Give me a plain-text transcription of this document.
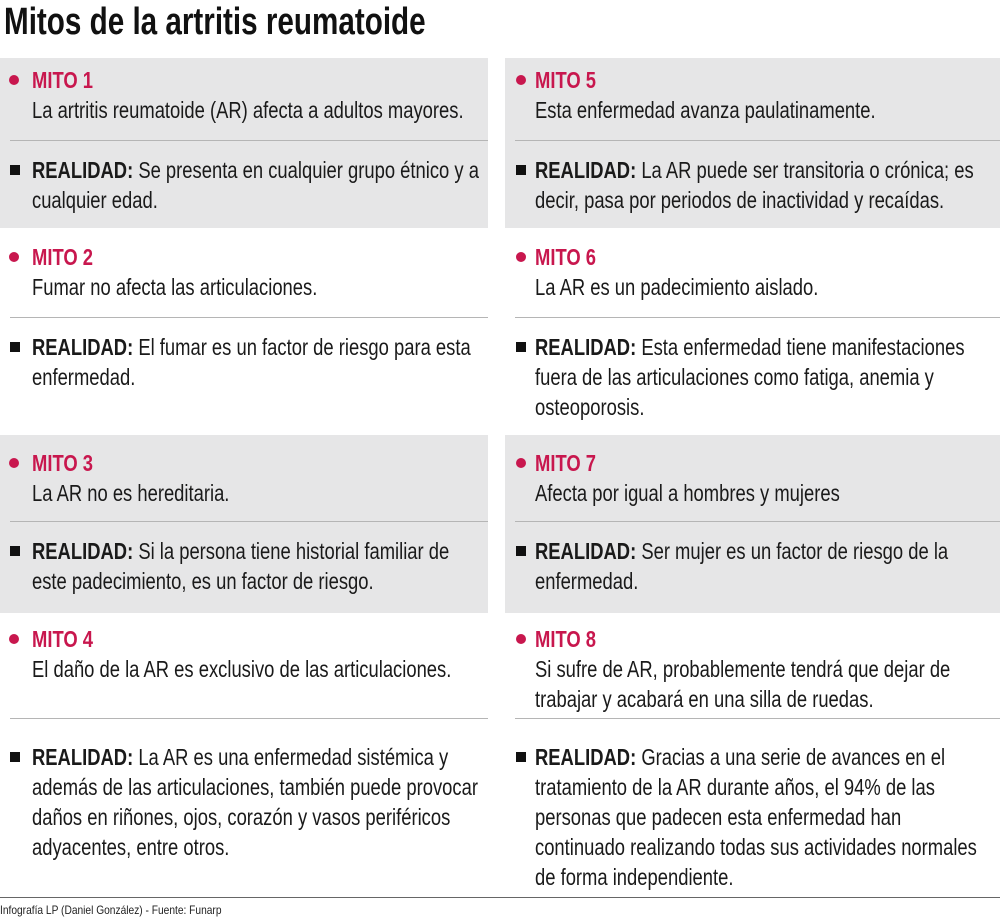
Mitos de la artritis reumatoide
MITO 1
La artritis reumatoide (AR) afecta a adultos mayores.
REALIDAD: Se presenta en cualquier grupo étnico y a cualquier edad.
MITO 2
Fumar no afecta las articulaciones.
REALIDAD: El fumar es un factor de riesgo para esta enfermedad.
MITO 3
La AR no es hereditaria.
REALIDAD: Si la persona tiene historial familiar de este padecimiento, es un factor de riesgo.
MITO 4
El daño de la AR es exclusivo de las articulaciones.
REALIDAD: La AR es una enfermedad sistémica y además de las articulaciones, también puede provocar daños en riñones, ojos, corazón y vasos periféricos adyacentes, entre otros.
MITO 5
Esta enfermedad avanza paulatinamente.
REALIDAD: La AR puede ser transitoria o crónica; es decir, pasa por periodos de inactividad y recaídas.
MITO 6
La AR es un padecimiento aislado.
REALIDAD: Esta enfermedad tiene manifestaciones fuera de las articulaciones como fatiga, anemia y osteoporosis.
MITO 7
Afecta por igual a hombres y mujeres
REALIDAD: Ser mujer es un factor de riesgo de la enfermedad.
MITO 8
Si sufre de AR, probablemente tendrá que dejar de trabajar y acabará en una silla de ruedas.
REALIDAD: Gracias a una serie de avances en el tratamiento de la AR durante años, el 94% de las personas que padecen esta enfermedad han continuado realizando todas sus actividades normales de forma independiente.
Infografía LP (Daniel González) - Fuente: Funarp
